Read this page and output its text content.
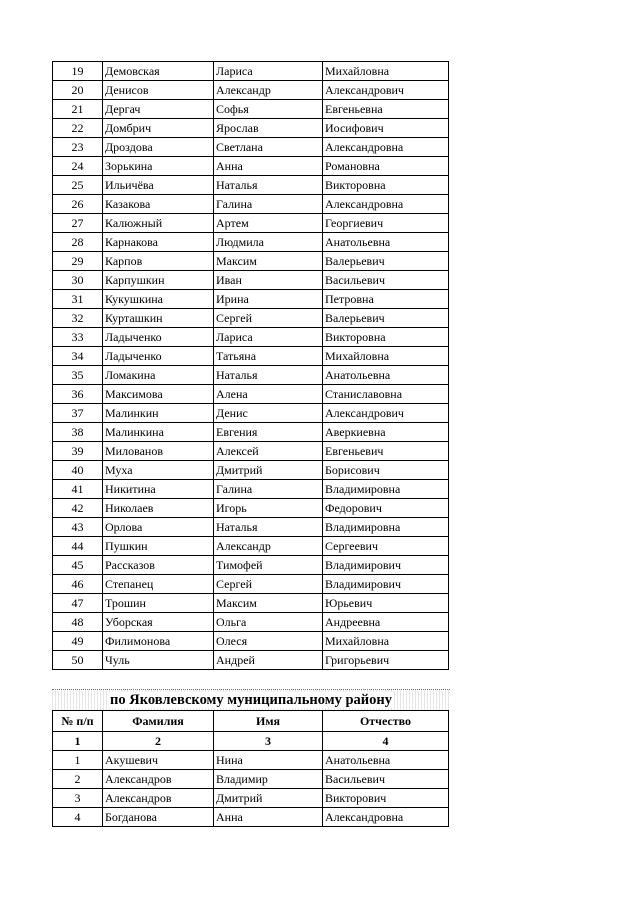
19	Демовская	Лариса	Михайловна
20	Денисов	Александр	Александрович
21	Дергач	Софья	Евгеньевна
22	Домбрич	Ярослав	Иосифович
23	Дроздова	Светлана	Александровна
24	Зорькина	Анна	Романовна
25	Ильичёва	Наталья	Викторовна
26	Казакова	Галина	Александровна
27	Калюжный	Артем	Георгиевич
28	Карнакова	Людмила	Анатольевна
29	Карпов	Максим	Валерьевич
30	Карпушкин	Иван	Васильевич
31	Кукушкина	Ирина	Петровна
32	Курташкин	Сергей	Валерьевич
33	Ладыченко	Лариса	Викторовна
34	Ладыченко	Татьяна	Михайловна
35	Ломакина	Наталья	Анатольевна
36	Максимова	Алена	Станиславовна
37	Малинкин	Денис	Александрович
38	Малинкина	Евгения	Аверкиевна
39	Милованов	Алексей	Евгеньевич
40	Муха	Дмитрий	Борисович
41	Никитина	Галина	Владимировна
42	Николаев	Игорь	Федорович
43	Орлова	Наталья	Владимировна
44	Пушкин	Александр	Сергеевич
45	Рассказов	Тимофей	Владимирович
46	Степанец	Сергей	Владимирович
47	Трошин	Максим	Юрьевич
48	Уборская	Ольга	Андреевна
49	Филимонова	Олеся	Михайловна
50	Чуль	Андрей	Григорьевич
по Яковлевскому муниципальному району
№ п/п	Фамилия	Имя	Отчество
1	2	3	4
1	Акушевич	Нина	Анатольевна
2	Александров	Владимир	Васильевич
3	Александров	Дмитрий	Викторович
4	Богданова	Анна	Александровна
